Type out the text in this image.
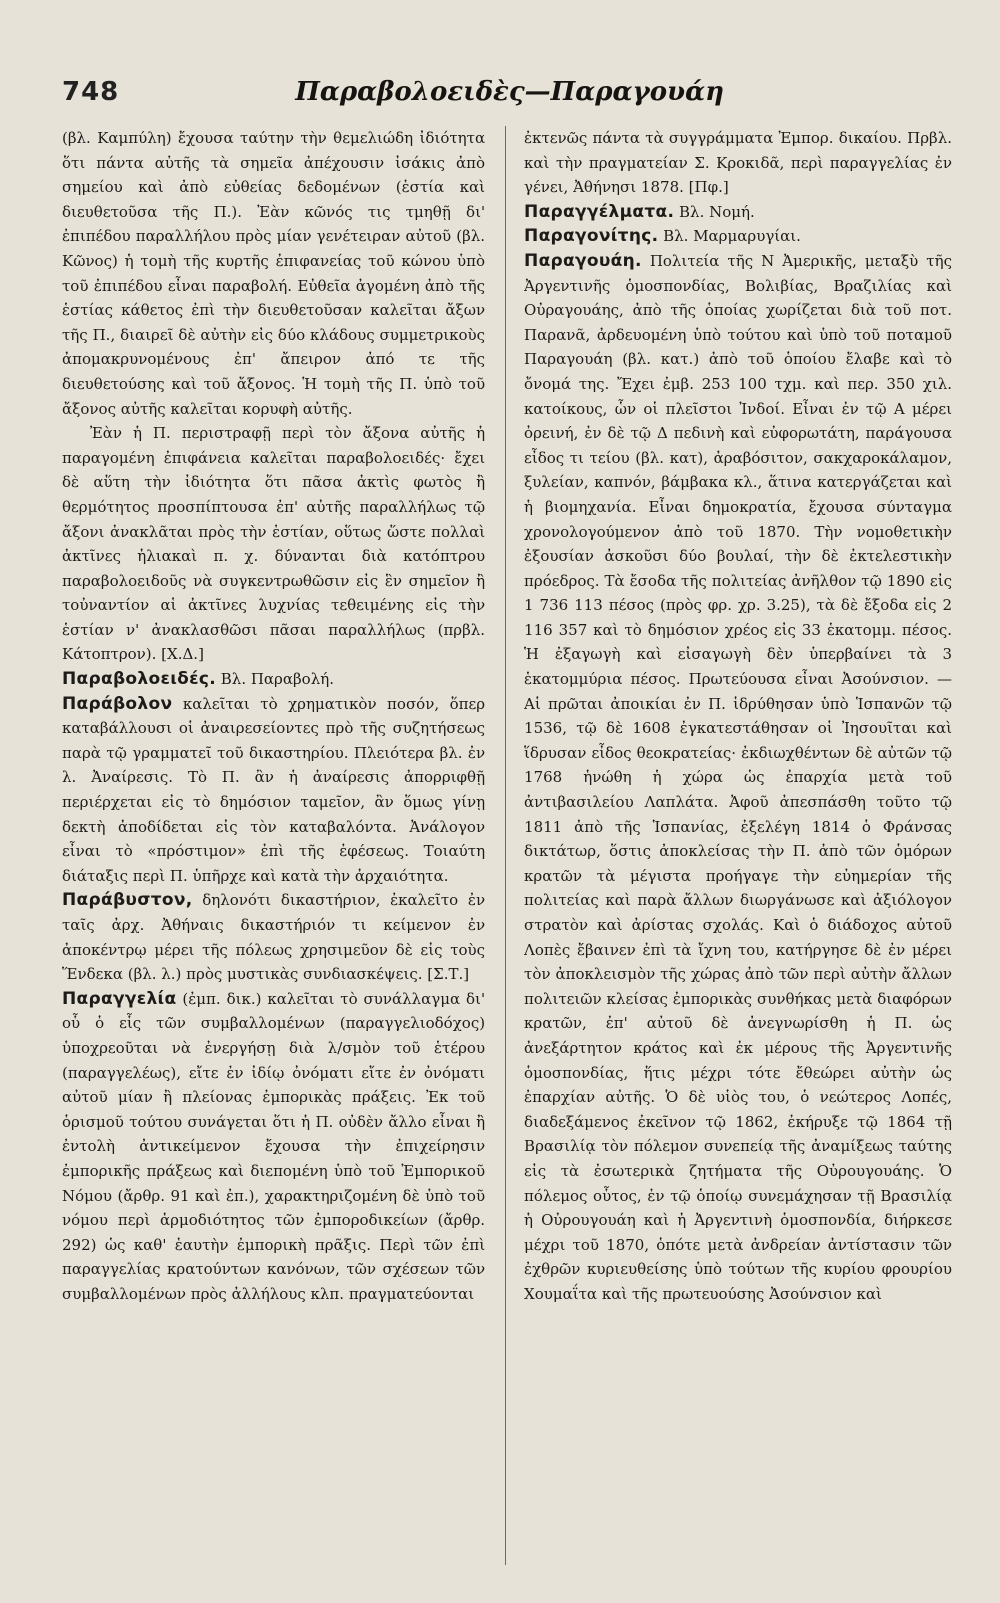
748	Παραβολοειδὲς—Παραγουάη

(βλ. Καμπύλη) ἔχουσα ταύτην τὴν θεμελιώδη ἰδιότητα ὅτι πάντα αὐτῆς τὰ σημεῖα ἀπέχουσιν ἰσάκις ἀπὸ σημείου καὶ ἀπὸ εὐθείας δεδομένων (ἑστία καὶ διευθετοῦσα τῆς Π.). Ἐὰν κῶνός τις τμηθῇ δι' ἐπιπέδου παραλλήλου πρὸς μίαν γενέτειραν αὐτοῦ (βλ. Κῶνος) ἡ τομὴ τῆς κυρτῆς ἐπιφανείας τοῦ κώνου ὑπὸ τοῦ ἐπιπέδου εἶναι παραβολή. Εὐθεῖα ἀγομένη ἀπὸ τῆς ἑστίας κάθετος ἐπὶ τὴν διευθετοῦσαν καλεῖται ἄξων τῆς Π., διαιρεῖ δὲ αὐτὴν εἰς δύο κλάδους συμμετρικοὺς ἀπομακρυνομένους ἐπ' ἄπειρον ἀπό τε τῆς διευθετούσης καὶ τοῦ ἄξονος. Ἡ τομὴ τῆς Π. ὑπὸ τοῦ ἄξονος αὐτῆς καλεῖται κορυφὴ αὐτῆς.

Ἐὰν ἡ Π. περιστραφῇ περὶ τὸν ἄξονα αὐτῆς ἡ παραγομένη ἐπιφάνεια καλεῖται παραβολοειδές· ἔχει δὲ αὕτη τὴν ἰδιότητα ὅτι πᾶσα ἀκτὶς φωτὸς ἢ θερμότητος προσπίπτουσα ἐπ' αὐτῆς παραλλήλως τῷ ἄξονι ἀνακλᾶται πρὸς τὴν ἑστίαν, οὕτως ὥστε πολλαὶ ἀκτῖνες ἡλιακαὶ π. χ. δύνανται διὰ κατόπτρου παραβολοειδοῦς νὰ συγκεντρωθῶσιν εἰς ἓν σημεῖον ἢ τοὐναντίον αἱ ἀκτῖνες λυχνίας τεθειμένης εἰς τὴν ἑστίαν ν' ἀνακλασθῶσι πᾶσαι παραλλήλως (πρβλ. Κάτοπτρον). [Χ.Δ.]

Παραβολοειδές. Βλ. Παραβολή.

Παράβολον καλεῖται τὸ χρηματικὸν ποσόν, ὅπερ καταβάλλουσι οἱ ἀναιρεσείοντες πρὸ τῆς συζητήσεως παρὰ τῷ γραμματεῖ τοῦ δικαστηρίου. Πλειότερα βλ. ἐν λ. Ἀναίρεσις. Τὸ Π. ἂν ἡ ἀναίρεσις ἀπορριφθῇ περιέρχεται εἰς τὸ δημόσιον ταμεῖον, ἂν ὅμως γίνῃ δεκτὴ ἀποδίδεται εἰς τὸν καταβαλόντα. Ἀνάλογον εἶναι τὸ «πρόστιμον» ἐπὶ τῆς ἐφέσεως. Τοιαύτη διάταξις περὶ Π. ὑπῆρχε καὶ κατὰ τὴν ἀρχαιότητα.

Παράβυστον, δηλονότι δικαστήριον, ἐκαλεῖτο ἐν ταῖς ἀρχ. Ἀθήναις δικαστήριόν τι κείμενον ἐν ἀποκέντρῳ μέρει τῆς πόλεως χρησιμεῦον δὲ εἰς τοὺς Ἕνδεκα (βλ. λ.) πρὸς μυστικὰς συνδιασκέψεις. [Σ.Τ.]

Παραγγελία (ἐμπ. δικ.) καλεῖται τὸ συνάλλαγμα δι' οὗ ὁ εἷς τῶν συμβαλλομένων (παραγγελιοδόχος) ὑποχρεοῦται νὰ ἐνεργήσῃ διὰ λ/σμὸν τοῦ ἑτέρου (παραγγελέως), εἴτε ἐν ἰδίῳ ὀνόματι εἴτε ἐν ὀνόματι αὐτοῦ μίαν ἢ πλείονας ἐμπορικὰς πράξεις. Ἐκ τοῦ ὁρισμοῦ τούτου συνάγεται ὅτι ἡ Π. οὐδὲν ἄλλο εἶναι ἢ ἐντολὴ ἀντικείμενον ἔχουσα τὴν ἐπιχείρησιν ἐμπορικῆς πράξεως καὶ διεπομένη ὑπὸ τοῦ Ἐμπορικοῦ Νόμου (ἄρθρ. 91 καὶ ἐπ.), χαρακτηριζομένη δὲ ὑπὸ τοῦ νόμου περὶ ἁρμοδιότητος τῶν ἐμποροδικείων (ἄρθρ. 292) ὡς καθ' ἑαυτὴν ἐμπορικὴ πρᾶξις. Περὶ τῶν ἐπὶ παραγγελίας κρατούντων κανόνων, τῶν σχέσεων τῶν συμβαλλομένων πρὸς ἀλλήλους κλπ. πραγματεύονται

ἐκτενῶς πάντα τὰ συγγράμματα Ἐμπορ. δικαίου. Πρβλ. καὶ τὴν πραγματείαν Σ. Κροκιδᾶ, περὶ παραγγελίας ἐν γένει, Ἀθήνησι 1878. [Πφ.]

Παραγγέλματα. Βλ. Νομή.

Παραγονίτης. Βλ. Μαρμαρυγίαι.

Παραγουάη. Πολιτεία τῆς Ν Ἀμερικῆς, μεταξὺ τῆς Ἀργεντινῆς ὁμοσπονδίας, Βολιβίας, Βραζιλίας καὶ Οὐραγουάης, ἀπὸ τῆς ὁποίας χωρίζεται διὰ τοῦ ποτ. Παρανᾶ, ἀρδευομένη ὑπὸ τούτου καὶ ὑπὸ τοῦ ποταμοῦ Παραγουάη (βλ. κατ.) ἀπὸ τοῦ ὁποίου ἔλαβε καὶ τὸ ὄνομά της. Ἔχει ἐμβ. 253 100 τχμ. καὶ περ. 350 χιλ. κατοίκους, ὧν οἱ πλεῖστοι Ἰνδοί. Εἶναι ἐν τῷ Α μέρει ὀρεινή, ἐν δὲ τῷ Δ πεδινὴ καὶ εὐφορωτάτη, παράγουσα εἶδος τι τείου (βλ. κατ), ἀραβόσιτον, σακχαροκάλαμον, ξυλείαν, καπνόν, βάμβακα κλ., ἅτινα κατεργάζεται καὶ ἡ βιομηχανία. Εἶναι δημοκρατία, ἔχουσα σύνταγμα χρονολογούμενον ἀπὸ τοῦ 1870. Τὴν νομοθετικὴν ἐξουσίαν ἀσκοῦσι δύο βουλαί, τὴν δὲ ἐκτελεστικὴν πρόεδρος. Τὰ ἔσοδα τῆς πολιτείας ἀνῆλθον τῷ 1890 εἰς 1 736 113 πέσος (πρὸς φρ. χρ. 3.25), τὰ δὲ ἔξοδα εἰς 2 116 357 καὶ τὸ δημόσιον χρέος εἰς 33 ἑκατομμ. πέσος. Ἡ ἐξαγωγὴ καὶ εἰσαγωγὴ δὲν ὑπερβαίνει τὰ 3 ἑκατομμύρια πέσος. Πρωτεύουσα εἶναι Ἀσούνσιον. — Αἱ πρῶται ἀποικίαι ἐν Π. ἱδρύθησαν ὑπὸ Ἱσπανῶν τῷ 1536, τῷ δὲ 1608 ἐγκατεστάθησαν οἱ Ἰησουῖται καὶ ἵδρυσαν εἶδος θεοκρατείας· ἐκδιωχθέντων δὲ αὐτῶν τῷ 1768 ἡνώθη ἡ χώρα ὡς ἐπαρχία μετὰ τοῦ ἀντιβασιλείου Λαπλάτα. Ἀφοῦ ἀπεσπάσθη τοῦτο τῷ 1811 ἀπὸ τῆς Ἱσπανίας, ἐξελέγη 1814 ὁ Φράνσας δικτάτωρ, ὅστις ἀποκλείσας τὴν Π. ἀπὸ τῶν ὁμόρων κρατῶν τὰ μέγιστα προήγαγε τὴν εὐημερίαν τῆς πολιτείας καὶ παρὰ ἄλλων διωργάνωσε καὶ ἀξιόλογον στρατὸν καὶ ἀρίστας σχολάς. Καὶ ὁ διάδοχος αὐτοῦ Λοπὲς ἔβαινεν ἐπὶ τὰ ἴχνη του, κατήργησε δὲ ἐν μέρει τὸν ἀποκλεισμὸν τῆς χώρας ἀπὸ τῶν περὶ αὐτὴν ἄλλων πολιτειῶν κλείσας ἐμπορικὰς συνθήκας μετὰ διαφόρων κρατῶν, ἐπ' αὐτοῦ δὲ ἀνεγνωρίσθη ἡ Π. ὡς ἀνεξάρτητον κράτος καὶ ἐκ μέρους τῆς Ἀργεντινῆς ὁμοσπονδίας, ἥτις μέχρι τότε ἔθεώρει αὐτὴν ὡς ἐπαρχίαν αὐτῆς. Ὁ δὲ υἱὸς του, ὁ νεώτερος Λοπές, διαδεξάμενος ἐκεῖνον τῷ 1862, ἐκήρυξε τῷ 1864 τῇ Βρασιλίᾳ τὸν πόλεμον συνεπείᾳ τῆς ἀναμίξεως ταύτης εἰς τὰ ἐσωτερικὰ ζητήματα τῆς Οὐρουγουάης. Ὁ πόλεμος οὗτος, ἐν τῷ ὁποίῳ συνεμάχησαν τῇ Βρασιλίᾳ ἡ Οὐρουγουάη καὶ ἡ Ἀργεντινὴ ὁμοσπονδία, διήρκεσε μέχρι τοῦ 1870, ὁπότε μετὰ ἀνδρείαν ἀντίστασιν τῶν ἐχθρῶν κυριευθείσης ὑπὸ τούτων τῆς κυρίου φρουρίου Χουμαΐτα καὶ τῆς πρωτευούσης Ἀσούνσιον καὶ
